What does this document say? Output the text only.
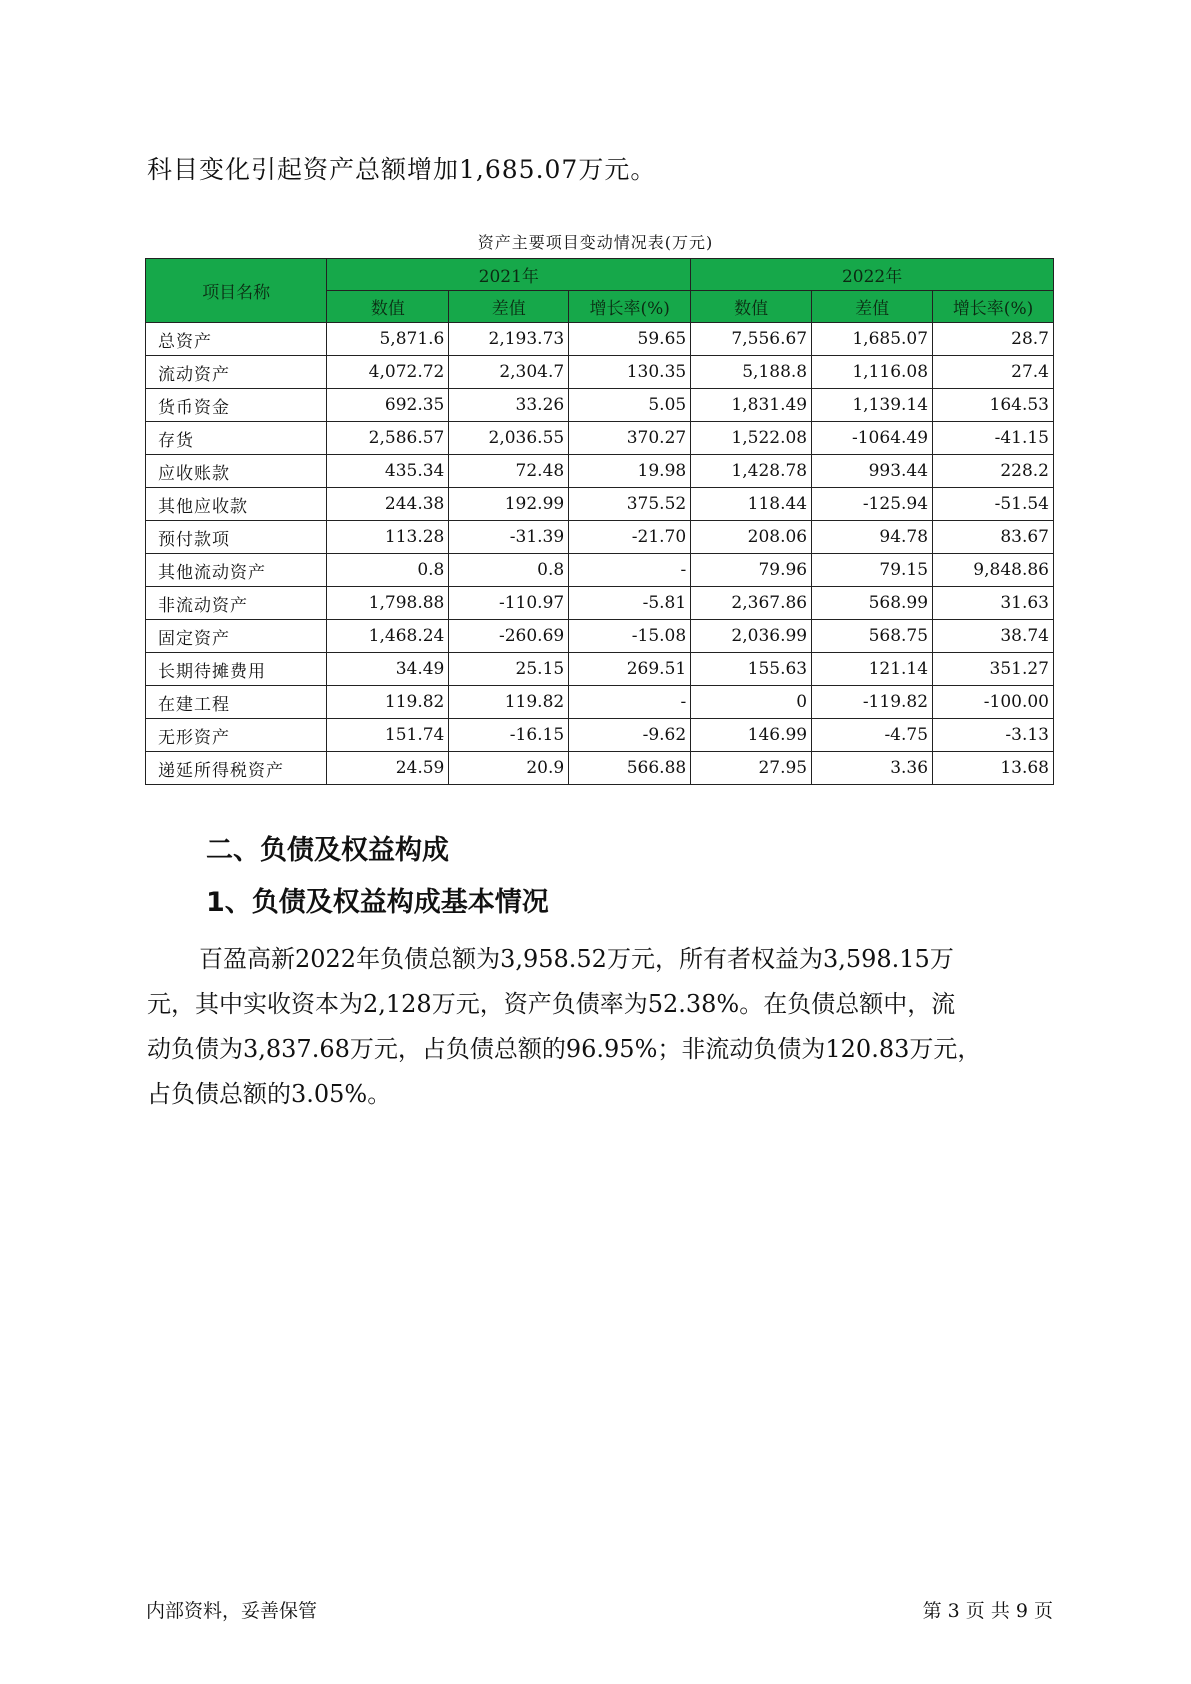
科目变化引起资产总额增加1,685.07万元。
资产主要项目变动情况表(万元)
项目名称	2021年			2022年		
	数值	差值	增长率(%)	数值	差值	增长率(%)
总资产	5,871.6	2,193.73	59.65	7,556.67	1,685.07	28.7
流动资产	4,072.72	2,304.7	130.35	5,188.8	1,116.08	27.4
货币资金	692.35	33.26	5.05	1,831.49	1,139.14	164.53
存货	2,586.57	2,036.55	370.27	1,522.08	-1064.49	-41.15
应收账款	435.34	72.48	19.98	1,428.78	993.44	228.2
其他应收款	244.38	192.99	375.52	118.44	-125.94	-51.54
预付款项	113.28	-31.39	-21.70	208.06	94.78	83.67
其他流动资产	0.8	0.8	-	79.96	79.15	9,848.86
非流动资产	1,798.88	-110.97	-5.81	2,367.86	568.99	31.63
固定资产	1,468.24	-260.69	-15.08	2,036.99	568.75	38.74
长期待摊费用	34.49	25.15	269.51	155.63	121.14	351.27
在建工程	119.82	119.82	-	0	-119.82	-100.00
无形资产	151.74	-16.15	-9.62	146.99	-4.75	-3.13
递延所得税资产	24.59	20.9	566.88	27.95	3.36	13.68
二、负债及权益构成
1、负债及权益构成基本情况
百盈高新2022年负债总额为3,958.52万元，所有者权益为3,598.15万
元，其中实收资本为2,128万元，资产负债率为52.38%。在负债总额中，流
动负债为3,837.68万元，占负债总额的96.95%；非流动负债为120.83万元，
占负债总额的3.05%。
内部资料，妥善保管	第 3 页 共 9 页
